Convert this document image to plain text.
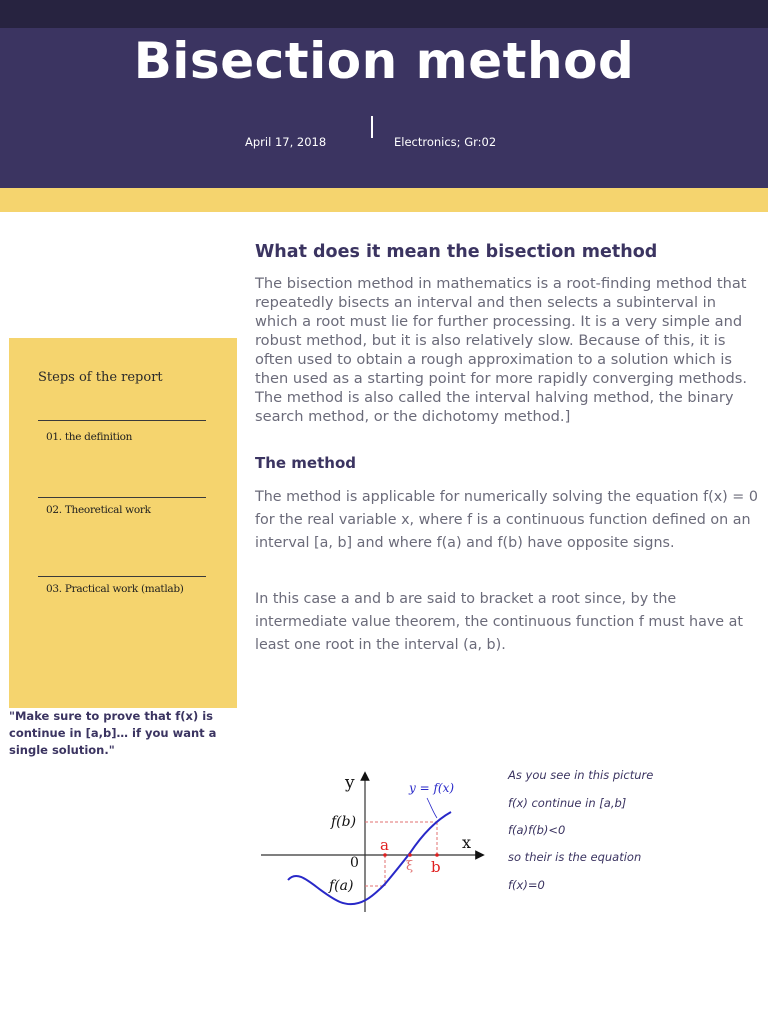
Bisection method
April 17, 2018	Electronics; Gr:02
Steps of the report
01. the definition
02. Theoretical work
03. Practical work (matlab)
"Make sure to prove that f(x) is continue in [a,b]… if you want a single solution."
What does it mean the bisection method
The bisection method in mathematics is a root-finding method that repeatedly bisects an interval and then selects a subinterval in which a root must lie for further processing. It is a very simple and robust method, but it is also relatively slow. Because of this, it is often used to obtain a rough approximation to a solution which is then used as a starting point for more rapidly converging methods. The method is also called the interval halving method, the binary search method, or the dichotomy method.]
The method
The method is applicable for numerically solving the equation f(x) = 0 for the real variable x, where f is a continuous function defined on an interval [a, b] and where f(a) and f(b) have opposite signs.
In this case a and b are said to bracket a root since, by the intermediate value theorem, the continuous function f must have at least one root in the interval (a, b).
y
x
y = f(x)
f(b)
f(a)
0
a
b
ξ
As you see in this picture
f(x) continue in [a,b]
f(a)f(b)<0
so their is the equation
f(x)=0
